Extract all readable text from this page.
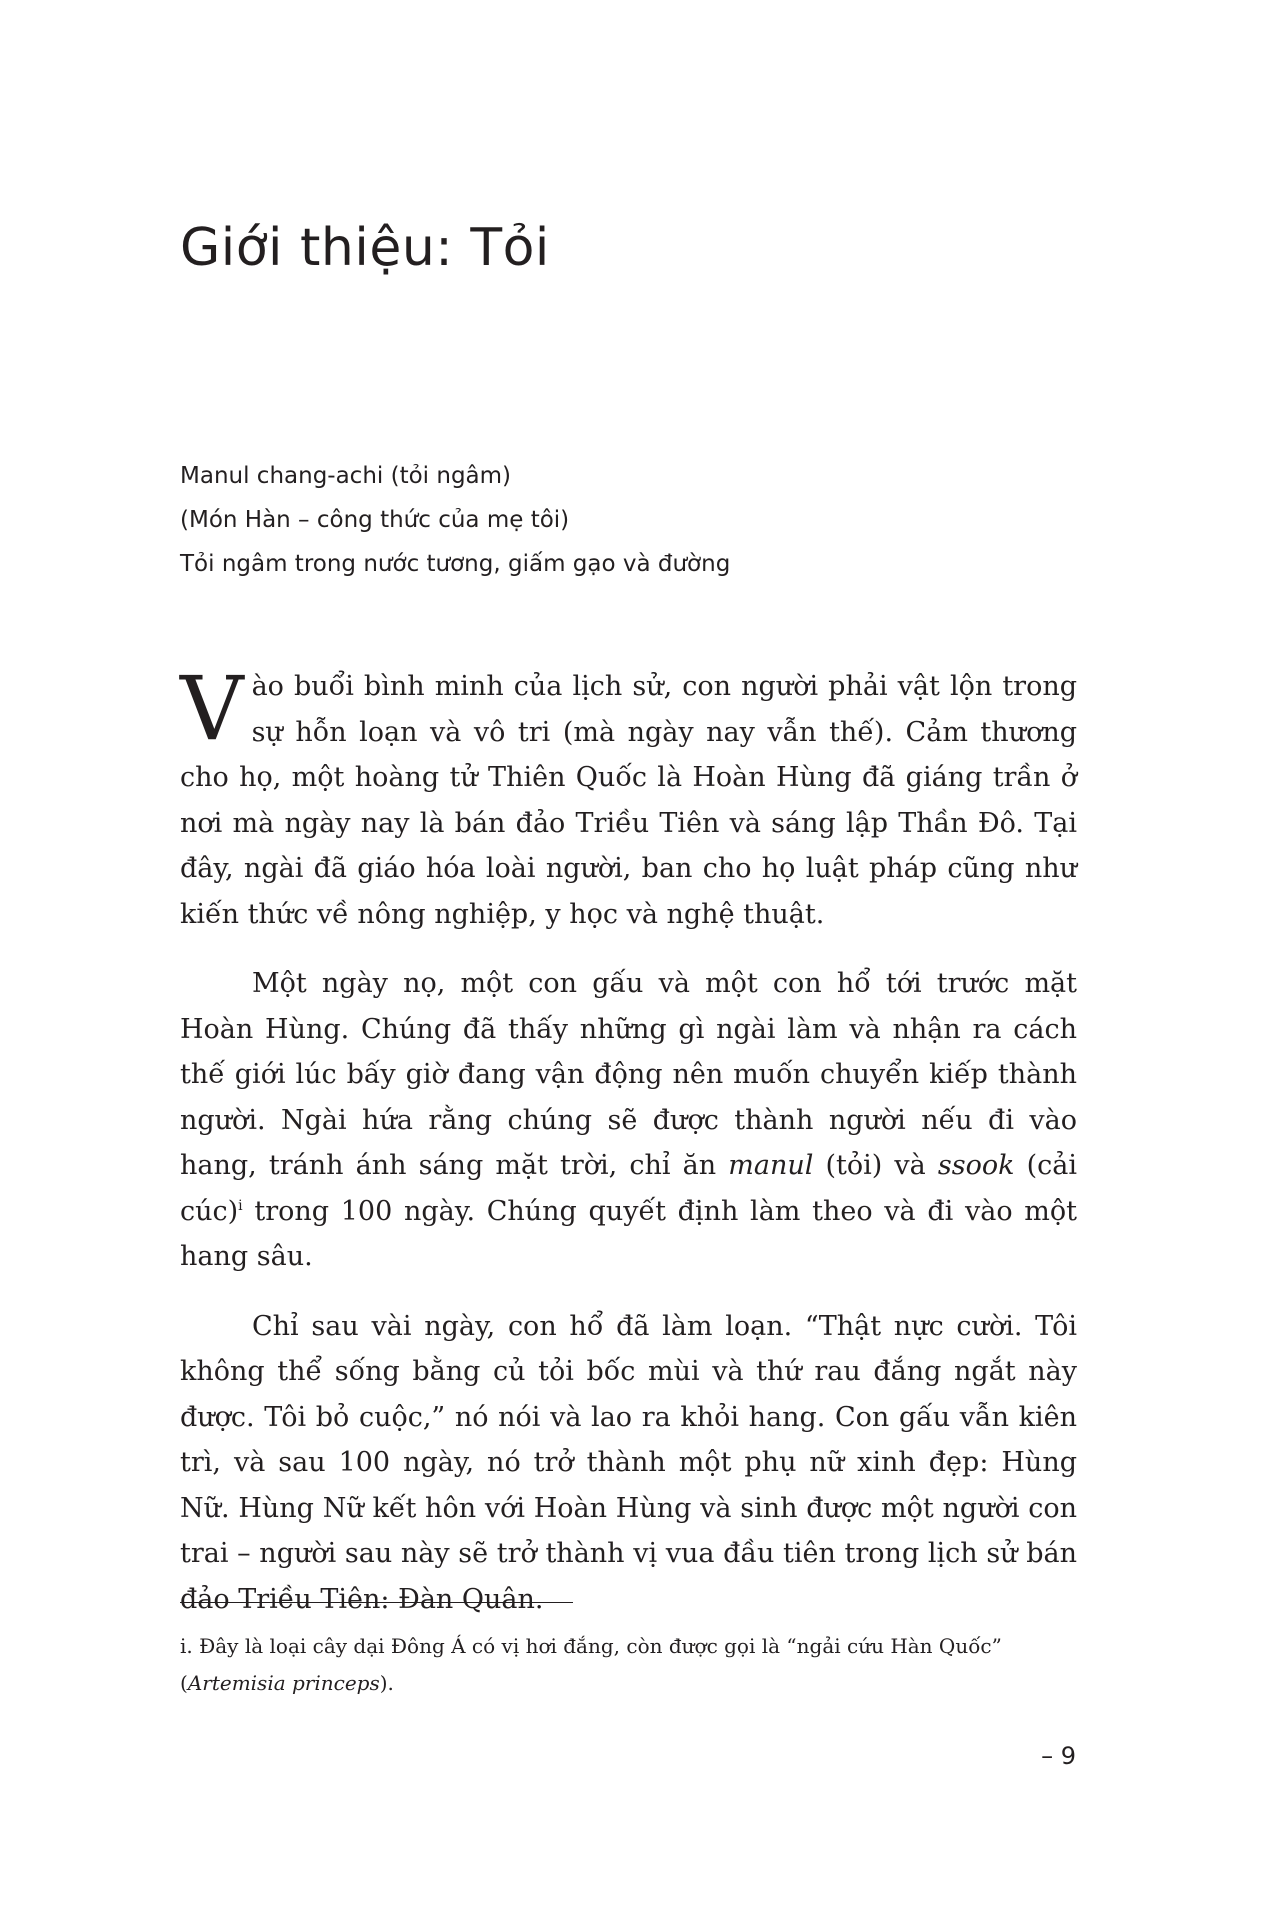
Giới thiệu: Tỏi
Manul chang-achi (tỏi ngâm)
(Món Hàn – công thức của mẹ tôi)
Tỏi ngâm trong nước tương, giấm gạo và đường

Vào buổi bình minh của lịch sử, con người phải vật lộn trong sự hỗn loạn và vô tri (mà ngày nay vẫn thế). Cảm thương cho họ, một hoàng tử Thiên Quốc là Hoàn Hùng đã giáng trần ở nơi mà ngày nay là bán đảo Triều Tiên và sáng lập Thần Đô. Tại đây, ngài đã giáo hóa loài người, ban cho họ luật pháp cũng như kiến thức về nông nghiệp, y học và nghệ thuật.

Một ngày nọ, một con gấu và một con hổ tới trước mặt Hoàn Hùng. Chúng đã thấy những gì ngài làm và nhận ra cách thế giới lúc bấy giờ đang vận động nên muốn chuyển kiếp thành người. Ngài hứa rằng chúng sẽ được thành người nếu đi vào hang, tránh ánh sáng mặt trời, chỉ ăn manul (tỏi) và ssook (cải cúc)$^i$ trong 100 ngày. Chúng quyết định làm theo và đi vào một hang sâu.

Chỉ sau vài ngày, con hổ đã làm loạn. “Thật nực cười. Tôi không thể sống bằng củ tỏi bốc mùi và thứ rau đắng ngắt này được. Tôi bỏ cuộc,” nó nói và lao ra khỏi hang. Con gấu vẫn kiên trì, và sau 100 ngày, nó trở thành một phụ nữ xinh đẹp: Hùng Nữ. Hùng Nữ kết hôn với Hoàn Hùng và sinh được một người con trai – người sau này sẽ trở thành vị vua đầu tiên trong lịch sử bán đảo Triều Tiên: Đàn Quân.

i. Đây là loại cây dại Đông Á có vị hơi đắng, còn được gọi là “ngải cứu Hàn Quốc” (Artemisia princeps).
– 9
